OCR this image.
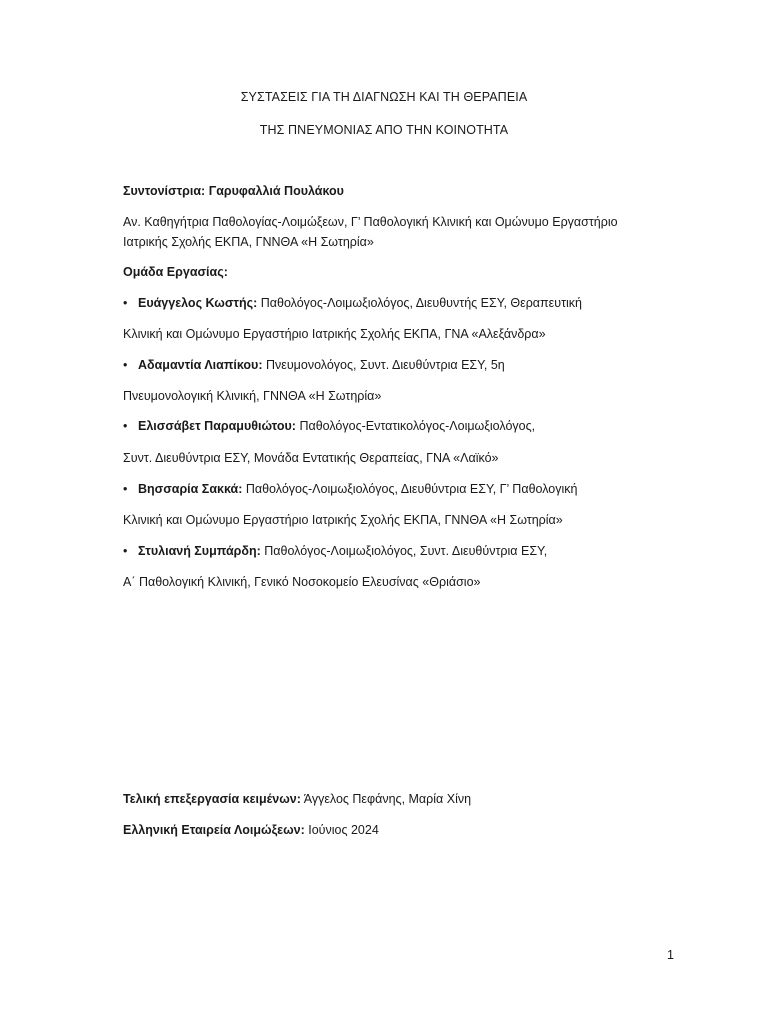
ΣΥΣΤΑΣΕΙΣ ΓΙΑ ΤΗ ΔΙΑΓΝΩΣΗ ΚΑΙ ΤΗ ΘΕΡΑΠΕΙΑ
ΤΗΣ ΠΝΕΥΜΟΝΙΑΣ ΑΠΟ ΤΗΝ ΚΟΙΝΟΤΗΤΑ
Συντονίστρια: Γαρυφαλλιά Πουλάκου
Αν. Καθηγήτρια Παθολογίας-Λοιμώξεων, Γ’ Παθολογική Κλινική και Ομώνυμο Εργαστήριο
Ιατρικής Σχολής ΕΚΠΑ, ΓΝΝΘΑ «Η Σωτηρία»
Ομάδα Εργασίας:
• Ευάγγελος Κωστής: Παθολόγος-Λοιμωξιολόγος, Διευθυντής ΕΣΥ, Θεραπευτική
Κλινική και Ομώνυμο Εργαστήριο Ιατρικής Σχολής ΕΚΠΑ, ΓΝΑ «Αλεξάνδρα»
• Αδαμαντία Λιαπίκου: Πνευμονολόγος, Συντ. Διευθύντρια ΕΣΥ, 5η
Πνευμονολογική Κλινική, ΓΝΝΘΑ «Η Σωτηρία»
• Ελισσάβετ Παραμυθιώτου: Παθολόγος-Εντατικολόγος-Λοιμωξιολόγος,
Συντ. Διευθύντρια ΕΣΥ, Μονάδα Εντατικής Θεραπείας, ΓΝΑ «Λαϊκό»
• Βησσαρία Σακκά: Παθολόγος-Λοιμωξιολόγος, Διευθύντρια ΕΣΥ, Γ’ Παθολογική
Κλινική και Ομώνυμο Εργαστήριο Ιατρικής Σχολής ΕΚΠΑ, ΓΝΝΘΑ «Η Σωτηρία»
• Στυλιανή Συμπάρδη: Παθολόγος-Λοιμωξιολόγος, Συντ. Διευθύντρια ΕΣΥ,
Α΄ Παθολογική Κλινική, Γενικό Νοσοκομείο Ελευσίνας «Θριάσιο»
Τελική επεξεργασία κειμένων: Άγγελος Πεφάνης, Μαρία Χίνη
Ελληνική Εταιρεία Λοιμώξεων: Ιούνιος 2024
1
